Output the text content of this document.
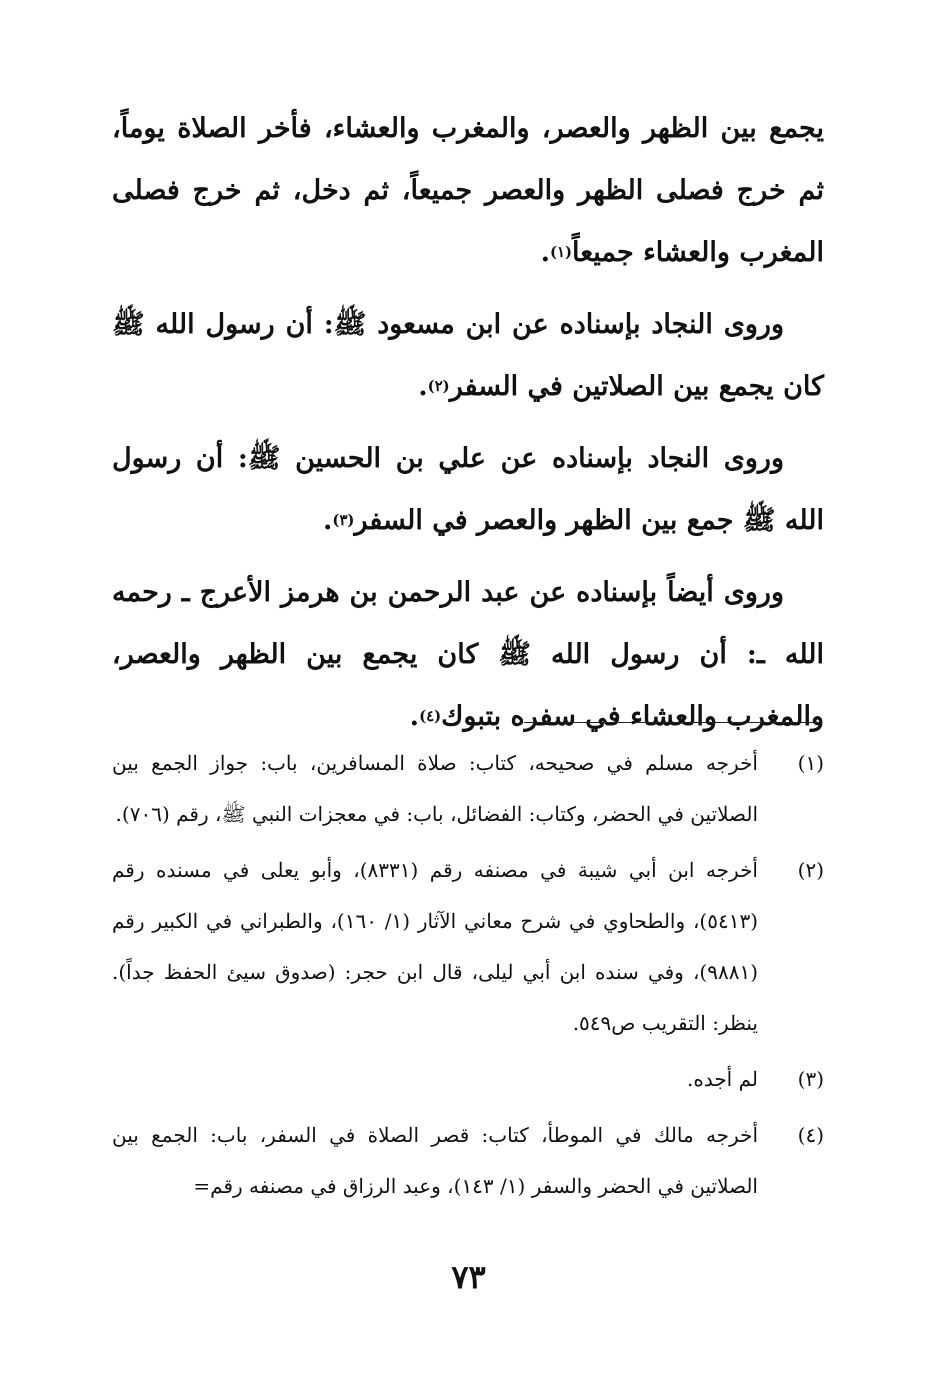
يجمع بين الظهر والعصر، والمغرب والعشاء، فأخر الصلاة يوماً، ثم خرج فصلى الظهر والعصر جميعاً، ثم دخل، ثم خرج فصلى المغرب والعشاء جميعاً$^{(١)}$.

وروى النجاد بإسناده عن ابن مسعود ﷺ: أن رسول الله ﷺ كان يجمع بين الصلاتين في السفر$^{(٢)}$.

وروى النجاد بإسناده عن علي بن الحسين ﷺ: أن رسول الله ﷺ جمع بين الظهر والعصر في السفر$^{(٣)}$.

وروى أيضاً بإسناده عن عبد الرحمن بن هرمز الأعرج ـ رحمه الله ـ: أن رسول الله ﷺ كان يجمع بين الظهر والعصر، والمغرب والعشاء في سفره بتبوك$^{(٤)}$.

(١)
أخرجه مسلم في صحيحه، كتاب: صلاة المسافرين، باب: جواز الجمع بين الصلاتين في الحضر، وكتاب: الفضائل، باب: في معجزات النبي ﷺ، رقم (٧٠٦).
(٢)
أخرجه ابن أبي شيبة في مصنفه رقم (٨٣٣١)، وأبو يعلى في مسنده رقم (٥٤١٣)، والطحاوي في شرح معاني الآثار (١/ ١٦٠)، والطبراني في الكبير رقم (٩٨٨١)، وفي سنده ابن أبي ليلى، قال ابن حجر: (صدوق سيئ الحفظ جداً). ينظر: التقريب ص٥٤٩.
(٣)
لم أجده.
(٤)
أخرجه مالك في الموطأ، كتاب: قصر الصلاة في السفر، باب: الجمع بين الصلاتين في الحضر والسفر (١/ ١٤٣)، وعبد الرزاق في مصنفه رقم=
٧٣
